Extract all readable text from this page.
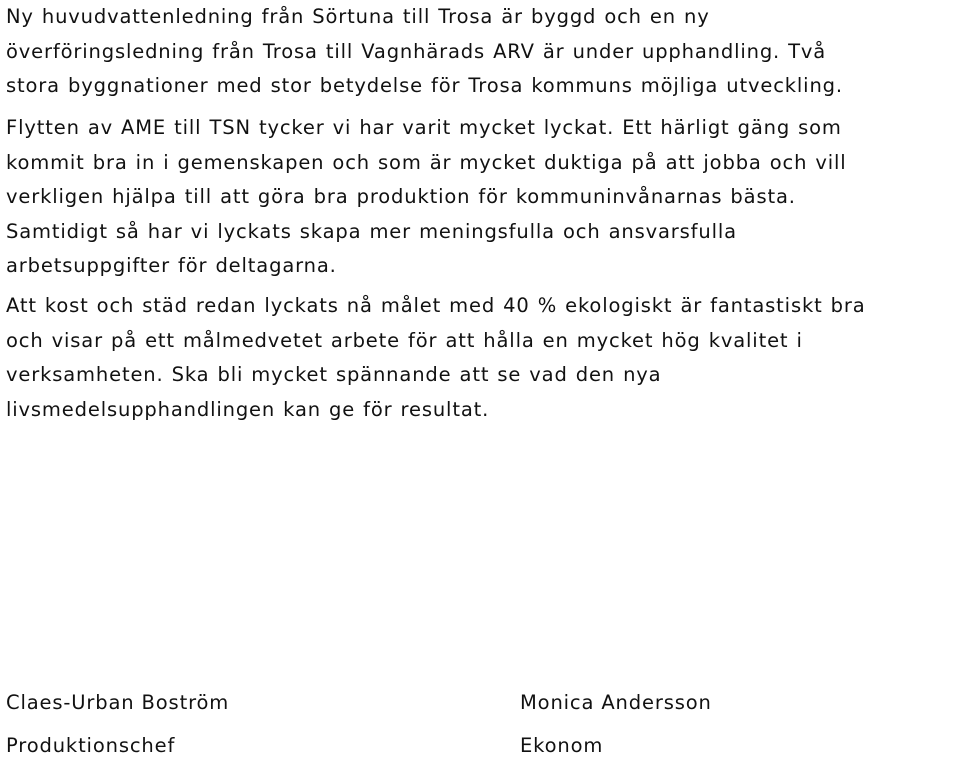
Ny huvudvattenledning från Sörtuna till Trosa är byggd och en ny
överföringsledning från Trosa till Vagnhärads ARV är under upphandling. Två
stora byggnationer med stor betydelse för Trosa kommuns möjliga utveckling.

Flytten av AME till TSN tycker vi har varit mycket lyckat. Ett härligt gäng som
kommit bra in i gemenskapen och som är mycket duktiga på att jobba och vill
verkligen hjälpa till att göra bra produktion för kommuninvånarnas bästa.
Samtidigt så har vi lyckats skapa mer meningsfulla och ansvarsfulla
arbetsuppgifter för deltagarna.

Att kost och städ redan lyckats nå målet med 40 % ekologiskt är fantastiskt bra
och visar på ett målmedvetet arbete för att hålla en mycket hög kvalitet i
verksamheten. Ska bli mycket spännande att se vad den nya
livsmedelsupphandlingen kan ge för resultat.

Claes-Urban Boström
Produktionschef
Monica Andersson
Ekonom
